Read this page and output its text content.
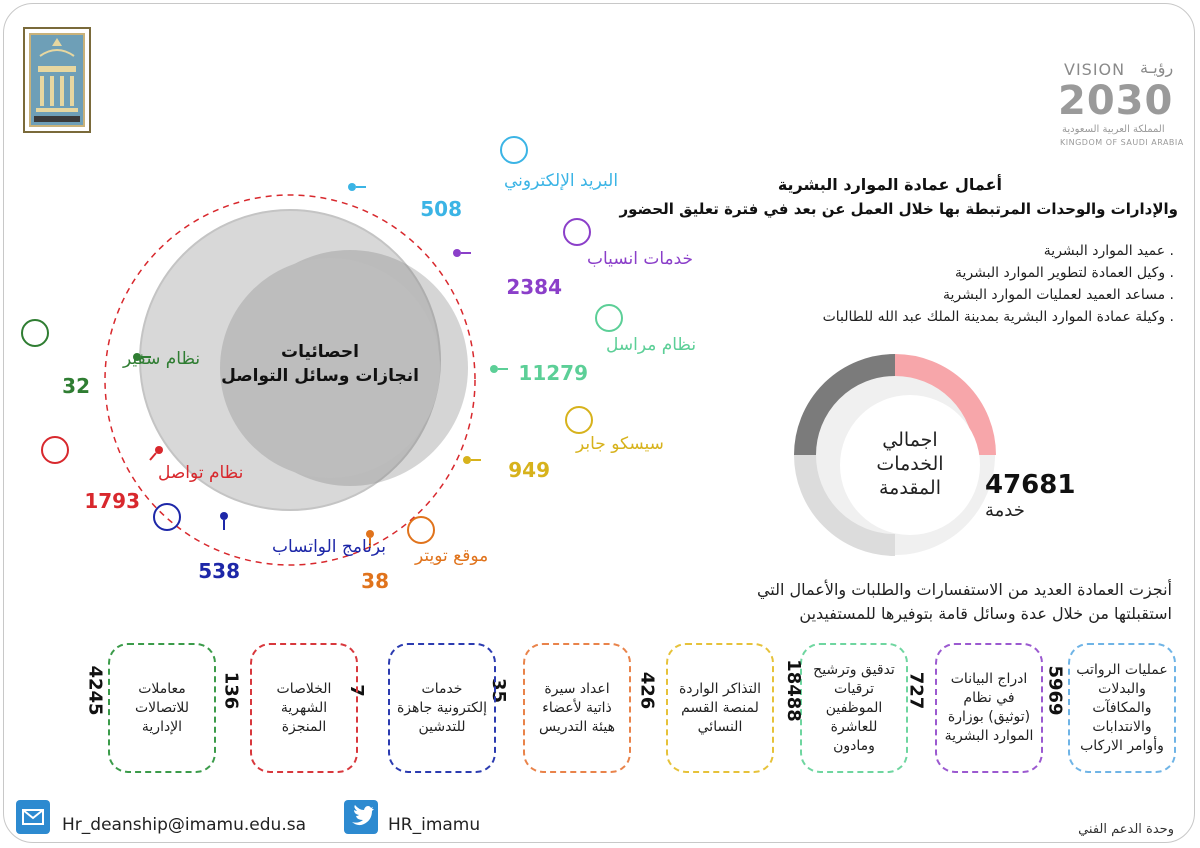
VISION رؤيـة
2030
المملكة العربية السعودية
KINGDOM OF SAUDI ARABIA
أعمال عمادة الموارد البشرية
والإدارات والوحدات المرتبطة بها خلال العمل عن بعد في فترة تعليق الحضور
. عميد الموارد البشرية
. وكيل العمادة لتطوير الموارد البشرية
. مساعد العميد لعمليات الموارد البشرية
. وكيلة عمادة الموارد البشرية بمدينة الملك عبد الله للطالبات
البريد الإلكتروني
508
خدمات انسياب
2384
نظام مراسل
11279
سيسكو جابر
949
موقع تويتر
38
برنامج الواتساب
538
نظام تواصل
1793
نظام سفير
32
احصائيات
انجازات وسائل التواصل
اجمالي
الخدمات
المقدمة	47681
خدمة
أنجزت العمادة العديد من الاستفسارات والطلبات والأعمال التي
استقبلتها من خلال عدة وسائل قامة بتوفيرها للمستفيدين
عمليات الرواتب والبدلات والمكافآت والانتدابات وأوامر الاركاب
5969
ادراج البيانات في نظام (توثيق) بوزارة الموارد البشرية
727
تدقيق وترشيح ترقيات الموظفين للعاشرة ومادون
18488
التذاكر الواردة لمنصة القسم النسائي
426
اعداد سيرة ذاتية لأعضاء هيئة التدريس
35
خدمات إلكترونية جاهزة للتدشين
7
الخلاصات الشهرية المنجزة
136
معاملات للاتصالات الإدارية
4245
Hr_deanship@imamu.edu.sa	HR_imamu	وحدة الدعم الفني
